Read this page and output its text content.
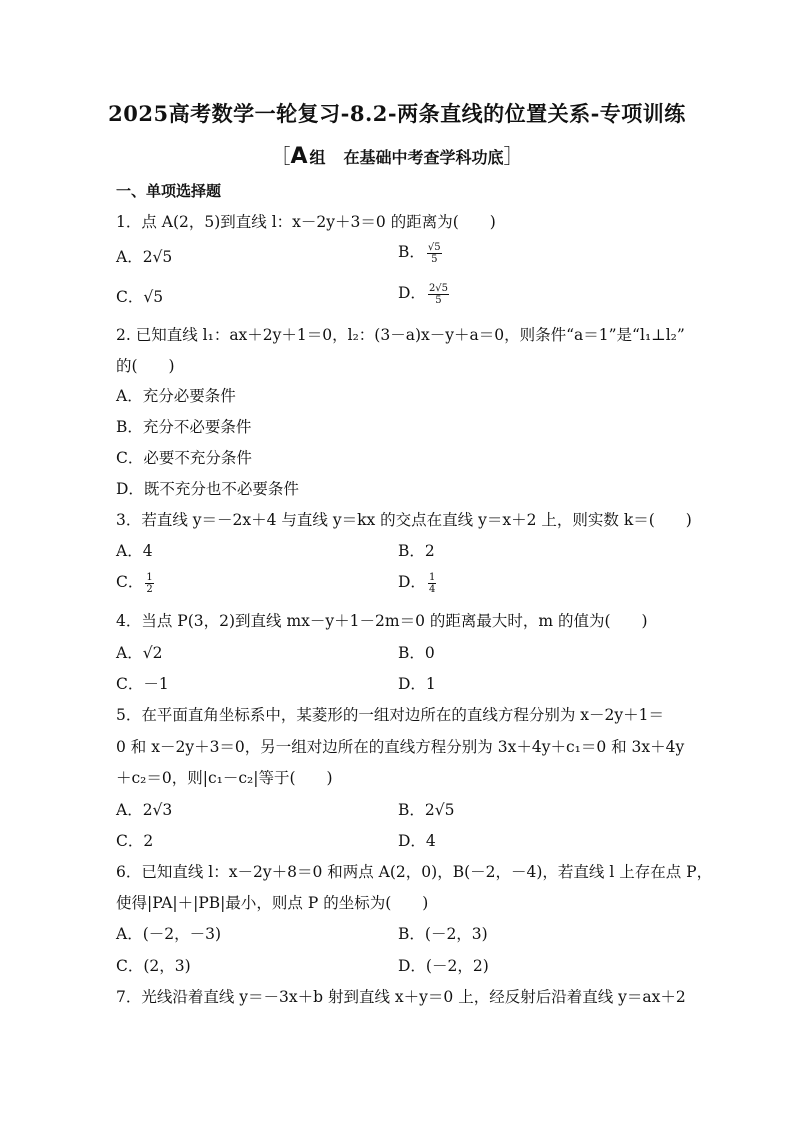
2025高考数学一轮复习-8.2-两条直线的位置关系-专项训练
［A 组 在基础中考查学科功底］
一、单项选择题
1．点 A(2，5)到直线 l：x－2y＋3＝0 的距离为(　　)
A．2√5	B． $\frac{√5}{5}$
C．√5	D． $\frac{2√5}{5}$
2. 已知直线 l₁：ax＋2y＋1＝0，l₂：(3－a)x－y＋a＝0，则条件“a＝1”是“l₁⊥l₂”
的(　　)
A．充分必要条件
B．充分不必要条件
C．必要不充分条件
D．既不充分也不必要条件
3．若直线 y＝－2x＋4 与直线 y＝kx 的交点在直线 y＝x＋2 上，则实数 k＝(　　)
A．4	B．2
C． $\frac{1}{2}$	D． $\frac{1}{4}$
4．当点 P(3，2)到直线 mx－y＋1－2m＝0 的距离最大时，m 的值为(　　)
A．√2	B．0
C．－1	D．1
5．在平面直角坐标系中，某菱形的一组对边所在的直线方程分别为 x－2y＋1＝
0 和 x－2y＋3＝0，另一组对边所在的直线方程分别为 3x＋4y＋c₁＝0 和 3x＋4y
＋c₂＝0，则|c₁－c₂|等于(　　)
A．2√3	B．2√5
C．2	D．4
6．已知直线 l：x－2y＋8＝0 和两点 A(2，0)，B(－2，－4)，若直线 l 上存在点 P，
使得|PA|＋|PB|最小，则点 P 的坐标为(　　)
A．(－2，－3)	B．(－2，3)
C．(2，3)	D．(－2，2)
7．光线沿着直线 y＝－3x＋b 射到直线 x＋y＝0 上，经反射后沿着直线 y＝ax＋2
